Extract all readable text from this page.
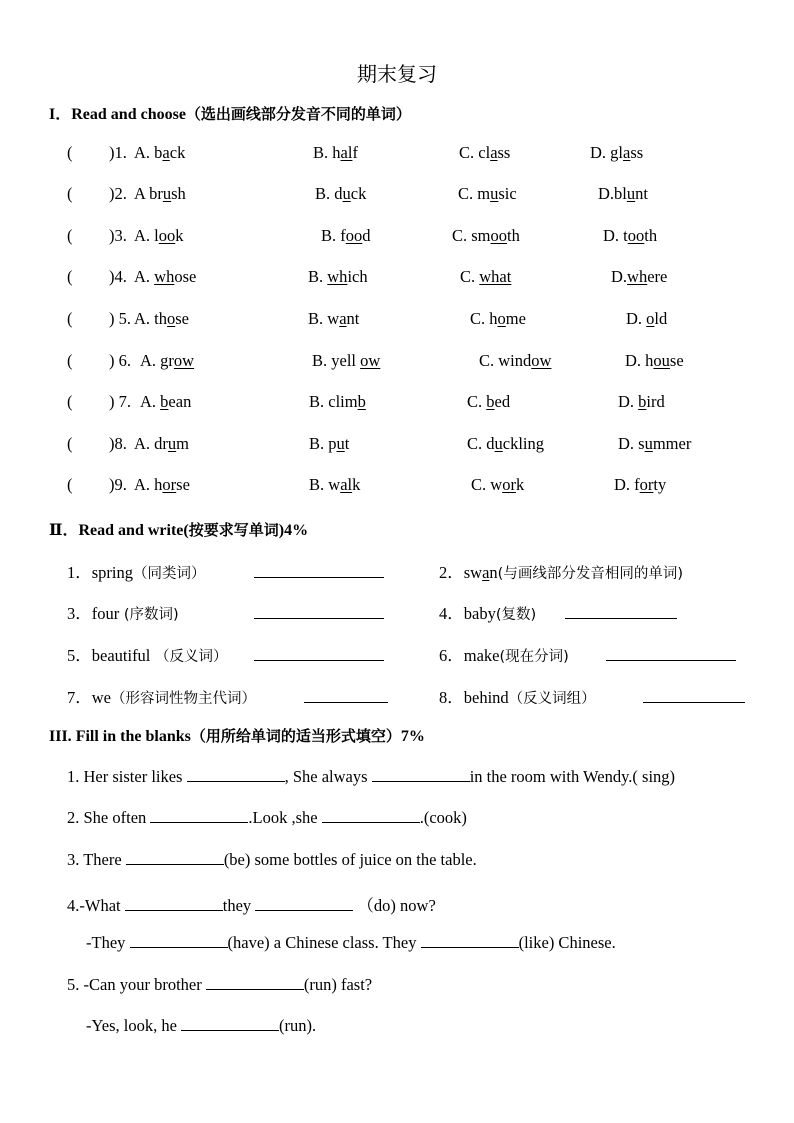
期末复习
I．Read and choose（选出画线部分发音不同的单词）
( )1. A. back	B. half	C. class	D. glass
( )2. A brush	B. duck	C. music	D.blunt
( )3. A. look	B. food	C. smooth	D. tooth
( )4. A. whose	B. which	C. what	D.where
( ) 5. A. those	B. want	C. home	D. old
( ) 6. A. grow	B. yell ow	C. window	D. house
( ) 7. A. bean	B. climb	C. bed	D. bird
( )8. A. drum	B. put	C. duckling	D. summer
( )9. A. horse	B. walk	C. work	D. forty
Ⅱ．Read and write(按要求写单词)4%
1．spring（同类词）	2．swan(与画线部分发音相同的单词)
3．four (序数词)	4．baby(复数)
5．beautiful （反义词）	6．make(现在分词)
7．we（形容词性物主代词）	8．behind（反义词组）
III. Fill in the blanks（用所给单词的适当形式填空）7%
1. Her sister likes	, She always	in the room with Wendy.( sing)
2. She often	.Look ,she	.(cook)
3. There	(be) some bottles of juice on the table.
4.-What	they	（do) now?
-They	(have) a Chinese class. They	(like) Chinese.
5. -Can your brother	(run) fast?
-Yes, look, he	(run).
